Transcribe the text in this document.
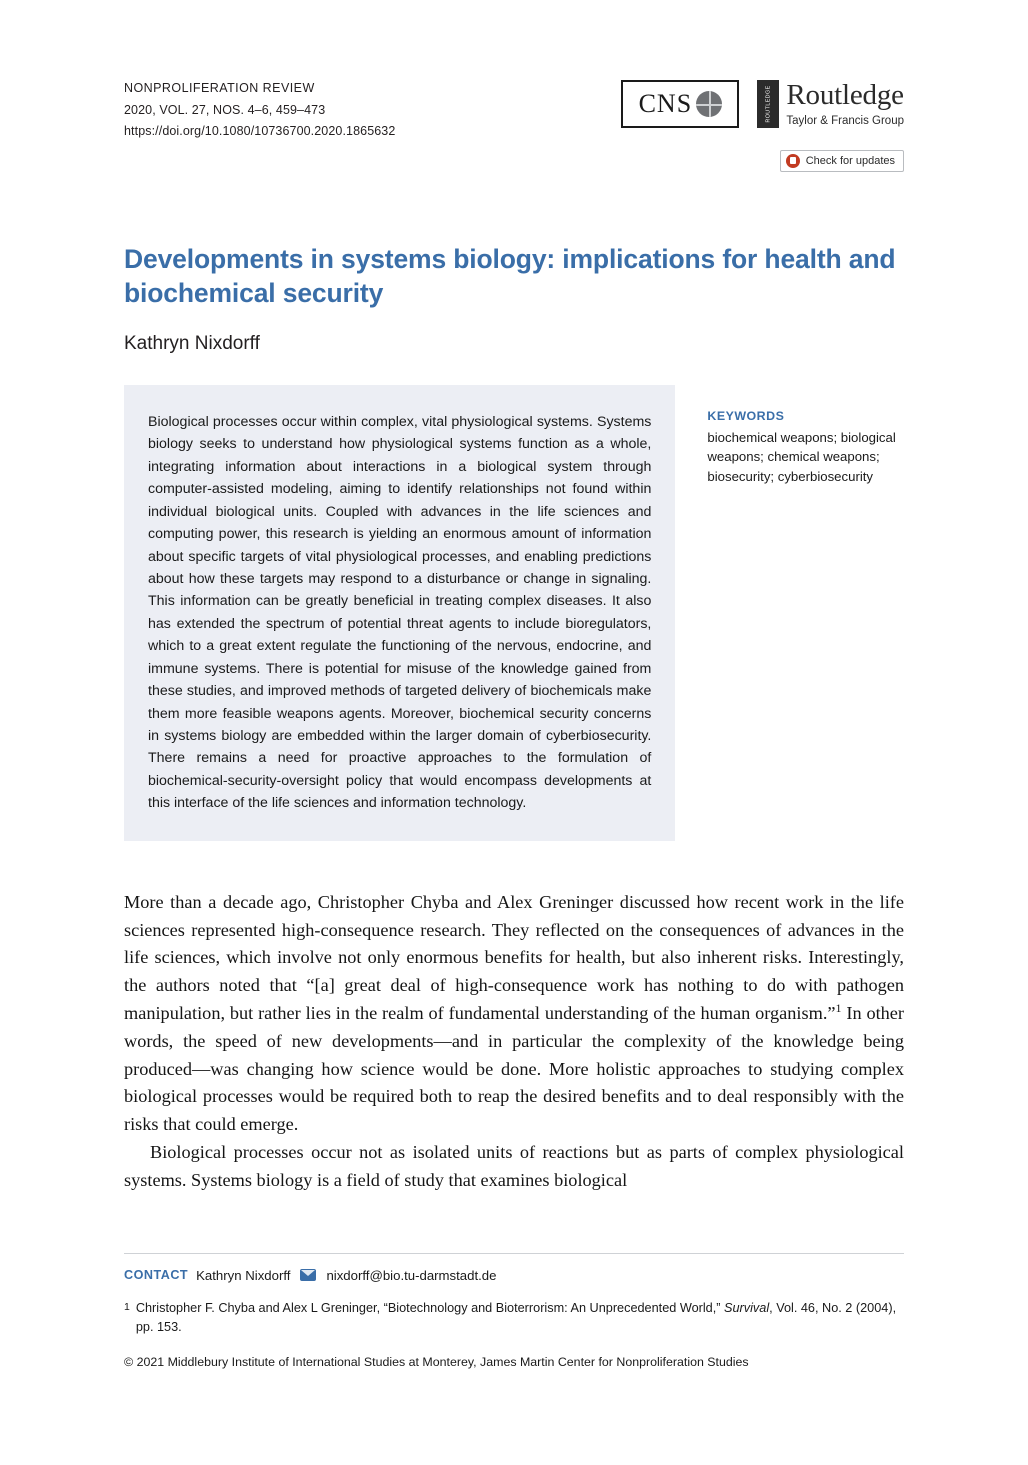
NONPROLIFERATION REVIEW
2020, VOL. 27, NOS. 4–6, 459–473
https://doi.org/10.1080/10736700.2020.1865632
CNS	ROUTLEDGE Routledge
Taylor & Francis Group
Check for updates
Developments in systems biology: implications for health and biochemical security
Kathryn Nixdorff

Biological processes occur within complex, vital physiological systems. Systems biology seeks to understand how physiological systems function as a whole, integrating information about interactions in a biological system through computer-assisted modeling, aiming to identify relationships not found within individual biological units. Coupled with advances in the life sciences and computing power, this research is yielding an enormous amount of information about specific targets of vital physiological processes, and enabling predictions about how these targets may respond to a disturbance or change in signaling. This information can be greatly beneficial in treating complex diseases. It also has extended the spectrum of potential threat agents to include bioregulators, which to a great extent regulate the functioning of the nervous, endocrine, and immune systems. There is potential for misuse of the knowledge gained from these studies, and improved methods of targeted delivery of biochemicals make them more feasible weapons agents. Moreover, biochemical security concerns in systems biology are embedded within the larger domain of cyberbiosecurity. There remains a need for proactive approaches to the formulation of biochemical-security-oversight policy that would encompass developments at this interface of the life sciences and information technology.

KEYWORDS
biochemical weapons; biological weapons; chemical weapons; biosecurity; cyberbiosecurity

More than a decade ago, Christopher Chyba and Alex Greninger discussed how recent work in the life sciences represented high-consequence research. They reflected on the consequences of advances in the life sciences, which involve not only enormous benefits for health, but also inherent risks. Interestingly, the authors noted that “[a] great deal of high-consequence work has nothing to do with pathogen manipulation, but rather lies in the realm of fundamental understanding of the human organism.”$^1$ In other words, the speed of new developments—and in particular the complexity of the knowledge being produced—was changing how science would be done. More holistic approaches to studying complex biological processes would be required both to reap the desired benefits and to deal responsibly with the risks that could emerge.

Biological processes occur not as isolated units of reactions but as parts of complex physiological systems. Systems biology is a field of study that examines biological

CONTACT Kathryn Nixdorff	nixdorff@bio.tu-darmstadt.de
1 Christopher F. Chyba and Alex L Greninger, “Biotechnology and Bioterrorism: An Unprecedented World,” Survival, Vol. 46, No. 2 (2004), pp. 153.
© 2021 Middlebury Institute of International Studies at Monterey, James Martin Center for Nonproliferation Studies
